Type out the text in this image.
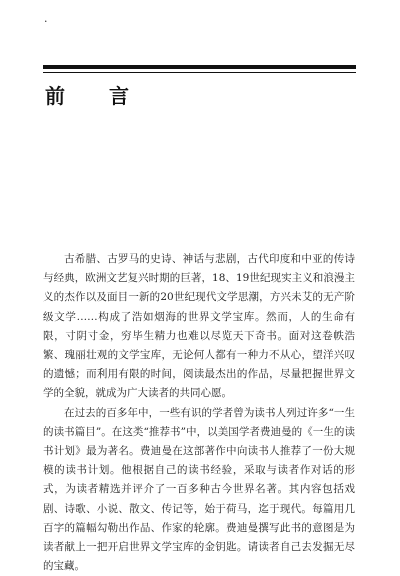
·
前言

古希腊、古罗马的史诗、神话与悲剧，古代印度和中亚的传诗与经典，欧洲文艺复兴时期的巨著，18、19世纪现实主义和浪漫主义的杰作以及面目一新的20世纪现代文学思潮，方兴未艾的无产阶级文学……构成了浩如烟海的世界文学宝库。然而，人的生命有限，寸阴寸金，穷毕生精力也难以尽览天下奇书。面对这卷帙浩繁、瑰丽壮观的文学宝库，无论何人都有一种力不从心，望洋兴叹的遗憾；而利用有限的时间，阅读最杰出的作品，尽量把握世界文学的全貌，就成为广大读者的共同心愿。

在过去的百多年中，一些有识的学者曾为读书人列过许多“一生的读书篇目”。在这类“推荐书”中，以美国学者费迪曼的《一生的读书计划》最为著名。费迪曼在这部著作中向读书人推荐了一份大规模的读书计划。他根据自己的读书经验，采取与读者作对话的形式，为读者精选并评介了一百多种古今世界名著。其内容包括戏剧、诗歌、小说、散文、传记等，始于荷马，迄于现代。每篇用几百字的篇幅勾勒出作品、作家的轮廓。费迪曼撰写此书的意图是为读者献上一把开启世界文学宝库的金钥匙。请读者自己去发掘无尽的宝藏。
